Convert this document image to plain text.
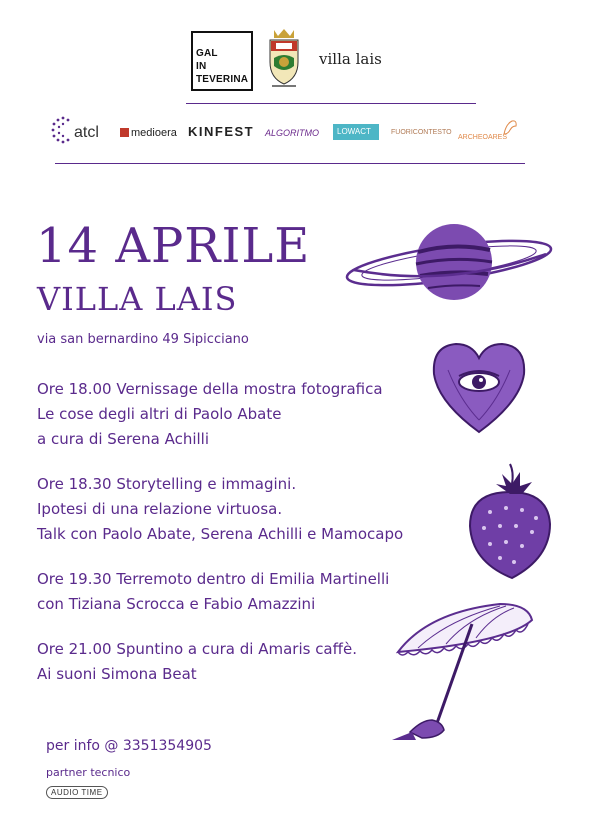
GAL
IN
TEVERINA
villa lais
atcl	medioera KINFEST ALGORITMO	LOWACT	FUORICONTESTO
ARCHEOARES
14 APRILE
VILLA LAIS
via san bernardino 49 Sipicciano
Ore 18.00 Vernissage della mostra fotografica
Le cose degli altri di Paolo Abate
a cura di Serena Achilli
Ore 18.30 Storytelling e immagini.
Ipotesi di una relazione virtuosa.
Talk con Paolo Abate, Serena Achilli e Mamocapo
Ore 19.30 Terremoto dentro di Emilia Martinelli
con Tiziana Scrocca e Fabio Amazzini
Ore 21.00 Spuntino a cura di Amaris caffè.
Ai suoni Simona Beat
per info @ 3351354905
partner tecnico
AUDIO TIME
